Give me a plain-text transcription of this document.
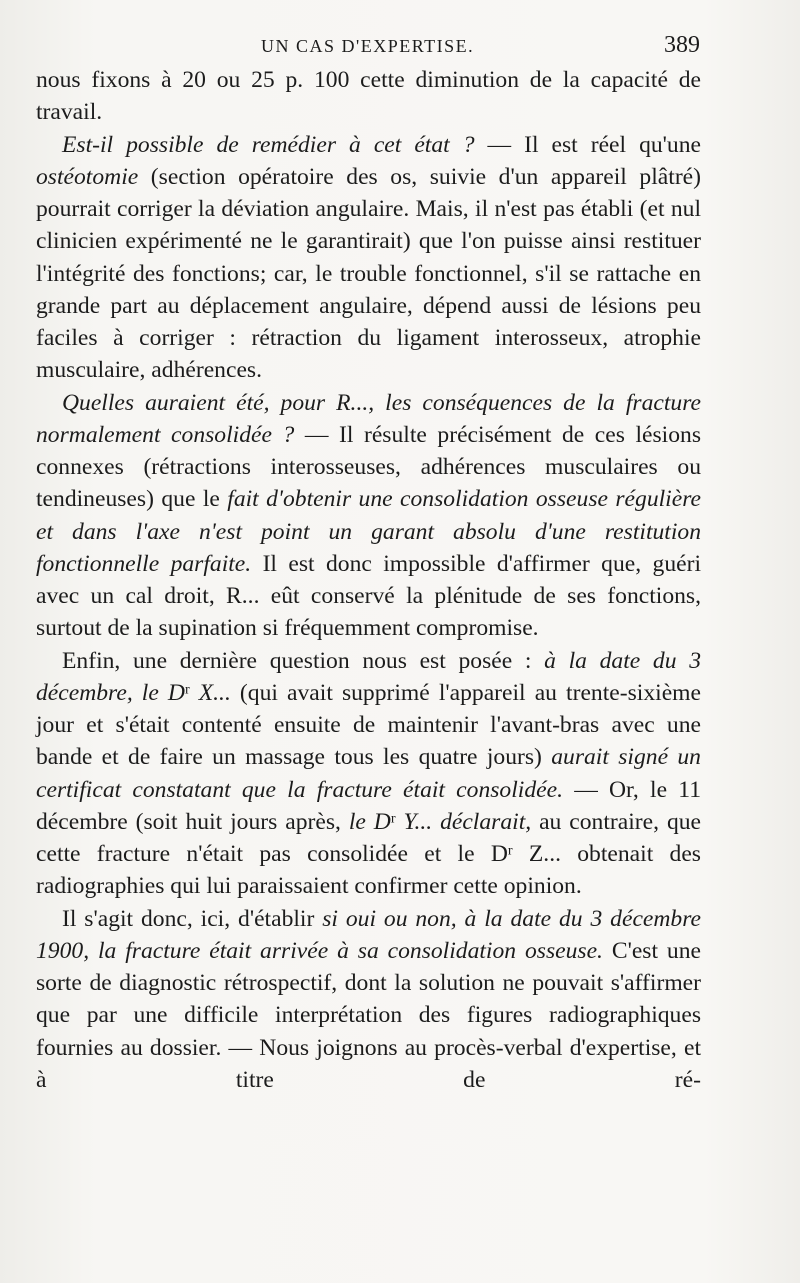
UN CAS D'EXPERTISE.	389

nous fixons à 20 ou 25 p. 100 cette diminution de la capacité de travail.

Est-il possible de remédier à cet état ? — Il est réel qu'une ostéotomie (section opératoire des os, suivie d'un appareil plâtré) pourrait corriger la déviation angulaire. Mais, il n'est pas établi (et nul clinicien expérimenté ne le garantirait) que l'on puisse ainsi restituer l'intégrité des fonctions; car, le trouble fonctionnel, s'il se rattache en grande part au déplacement angulaire, dépend aussi de lésions peu faciles à corriger : rétraction du ligament interosseux, atrophie musculaire, adhérences.

Quelles auraient été, pour R..., les conséquences de la fracture normalement consolidée ? — Il résulte précisément de ces lésions connexes (rétractions interosseuses, adhérences musculaires ou tendineuses) que le fait d'obtenir une consolidation osseuse régulière et dans l'axe n'est point un garant absolu d'une restitution fonctionnelle parfaite. Il est donc impossible d'affirmer que, guéri avec un cal droit, R... eût conservé la plénitude de ses fonctions, surtout de la supination si fréquemment compromise.

Enfin, une dernière question nous est posée : à la date du 3 décembre, le $D^r$ X... (qui avait supprimé l'appareil au trente-sixième jour et s'était contenté ensuite de maintenir l'avant-bras avec une bande et de faire un massage tous les quatre jours) aurait signé un certificat constatant que la fracture était consolidée. — Or, le 11 décembre (soit huit jours après, le $D^r$ Y... déclarait, au contraire, que cette fracture n'était pas consolidée et le $D^r$ Z... obtenait des radiographies qui lui paraissaient confirmer cette opinion.

Il s'agit donc, ici, d'établir si oui ou non, à la date du 3 décembre 1900, la fracture était arrivée à sa consolidation osseuse. C'est une sorte de diagnostic rétrospectif, dont la solution ne pouvait s'affirmer que par une difficile interprétation des figures radiographiques fournies au dossier. — Nous joignons au procès-verbal d'expertise, et à titre de ré-
